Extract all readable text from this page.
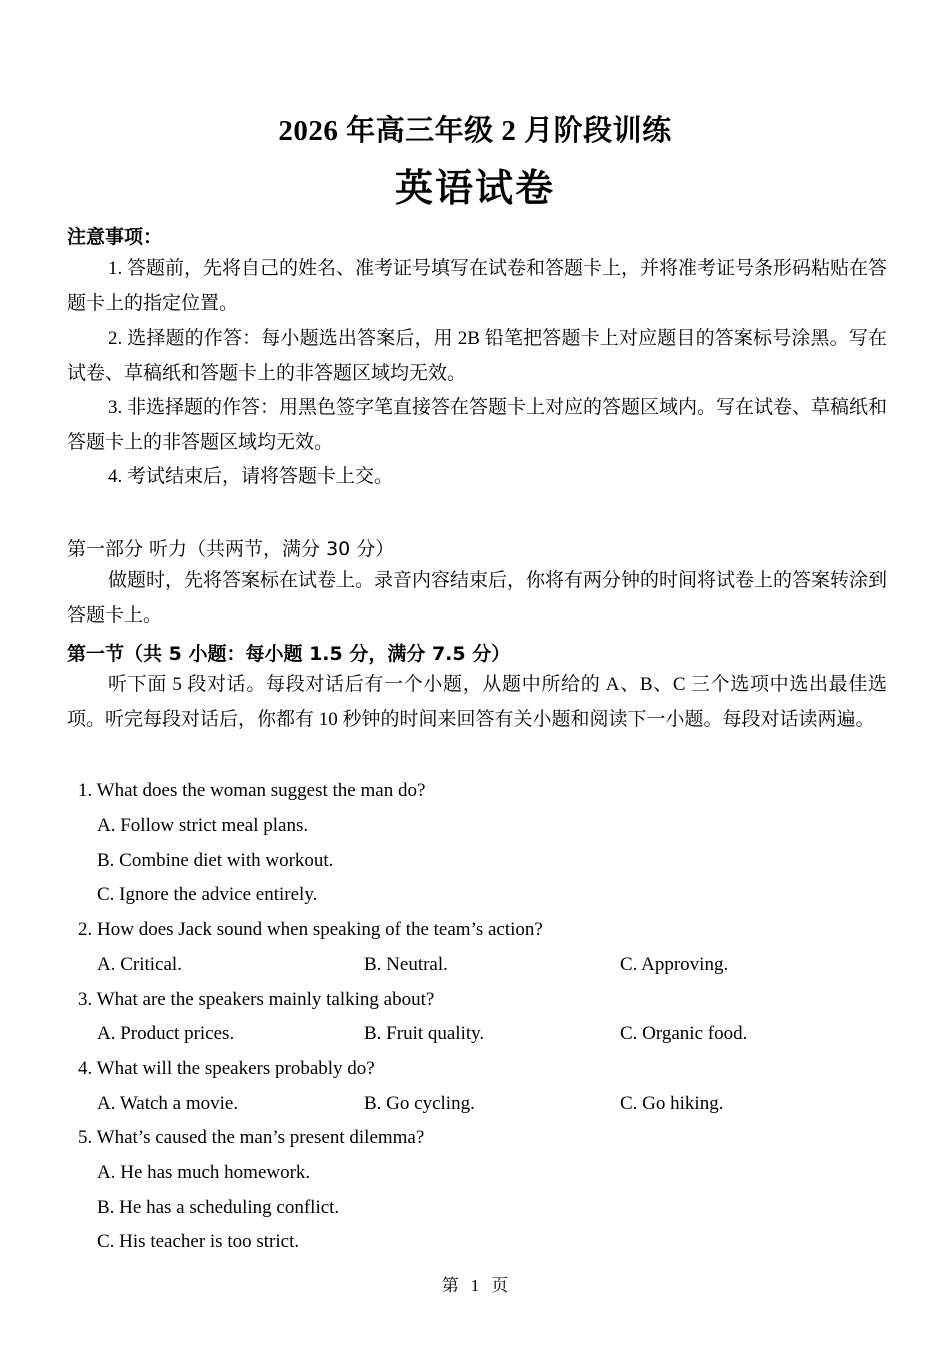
2026 年高三年级 2 月阶段训练
英语试卷
注意事项：
1. 答题前，先将自己的姓名、准考证号填写在试卷和答题卡上，并将准考证号条形码粘贴在答题卡上的指定位置。
2. 选择题的作答：每小题选出答案后，用 2B 铅笔把答题卡上对应题目的答案标号涂黑。写在试卷、草稿纸和答题卡上的非答题区域均无效。
3. 非选择题的作答：用黑色签字笔直接答在答题卡上对应的答题区域内。写在试卷、草稿纸和答题卡上的非答题区域均无效。
4. 考试结束后，请将答题卡上交。
第一部分 听力（共两节，满分 30 分）
做题时，先将答案标在试卷上。录音内容结束后，你将有两分钟的时间将试卷上的答案转涂到答题卡上。
第一节（共 5 小题：每小题 1.5 分，满分 7.5 分）
听下面 5 段对话。每段对话后有一个小题，从题中所给的 A、B、C 三个选项中选出最佳选项。听完每段对话后，你都有 10 秒钟的时间来回答有关小题和阅读下一小题。每段对话读两遍。
1. What does the woman suggest the man do?
A. Follow strict meal plans.
B. Combine diet with workout.
C. Ignore the advice entirely.
2. How does Jack sound when speaking of the team’s action?
A. Critical.	B. Neutral.	C. Approving.
3. What are the speakers mainly talking about?
A. Product prices.	B. Fruit quality.	C. Organic food.
4. What will the speakers probably do?
A. Watch a movie.	B. Go cycling.	C. Go hiking.
5. What’s caused the man’s present dilemma?
A. He has much homework.
B. He has a scheduling conflict.
C. His teacher is too strict.
第 1 页
